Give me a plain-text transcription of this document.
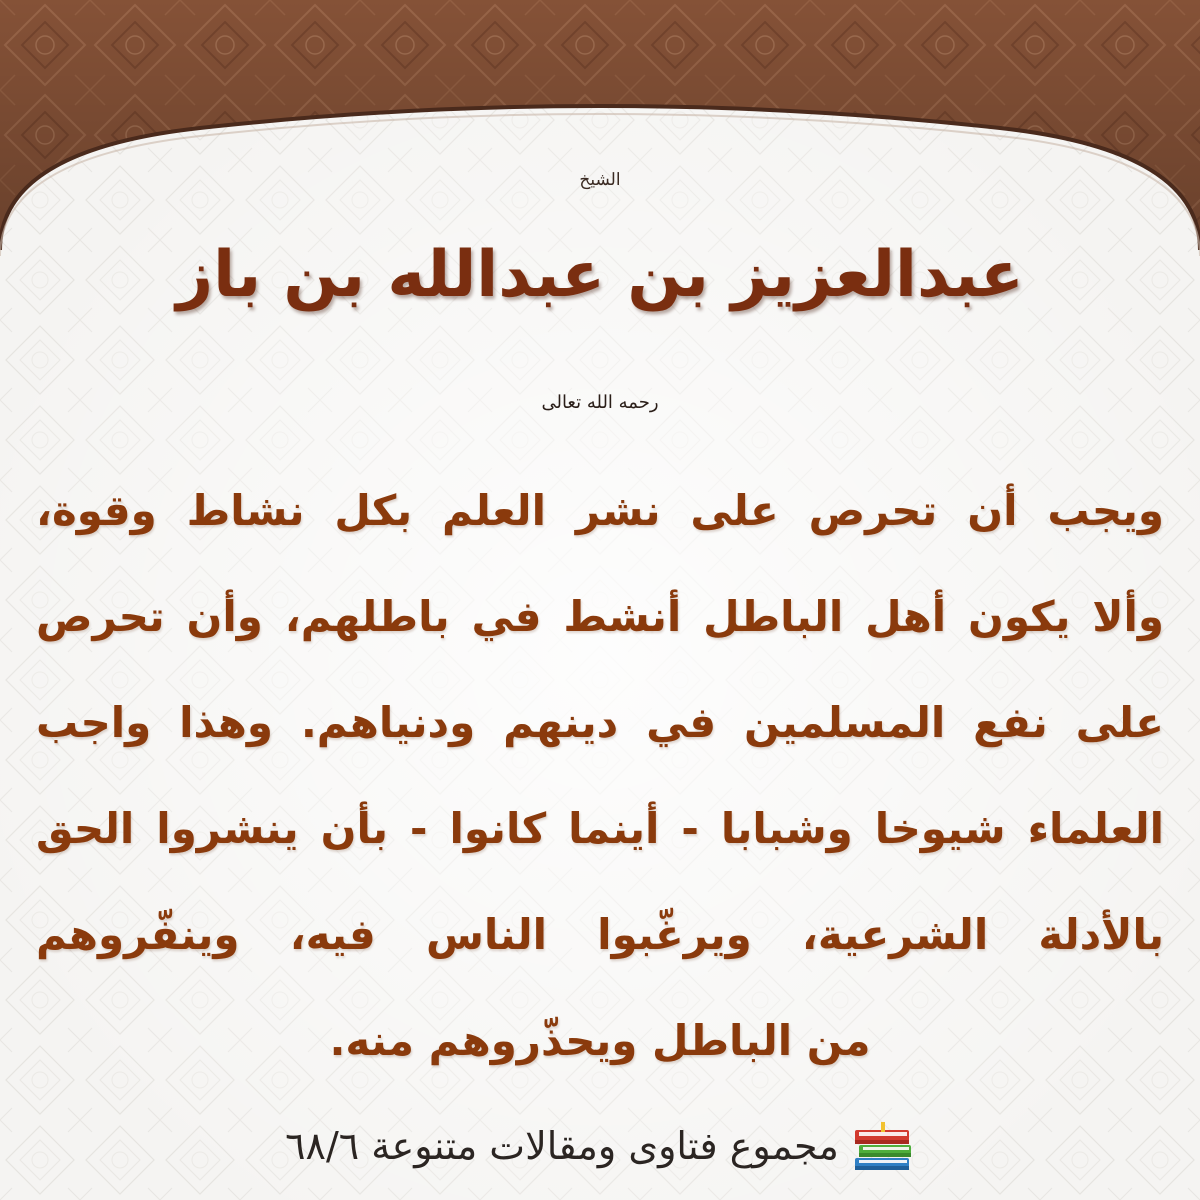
الشيخ
عبدالعزيز بن عبدالله بن باز
رحمه الله تعالى
ويجب أن تحرص على نشر العلم بكل نشاط وقوة،
وألا يكون أهل الباطل أنشط في باطلهم، وأن تحرص
على نفع المسلمين في دينهم ودنياهم. وهذا واجب
العلماء شيوخا وشبابا - أينما كانوا - بأن ينشروا الحق
بالأدلة الشرعية، ويرغّبوا الناس فيه، وينفّروهم
من الباطل ويحذّروهم منه.
مجموع فتاوى ومقالات متنوعة ٦٨/٦
